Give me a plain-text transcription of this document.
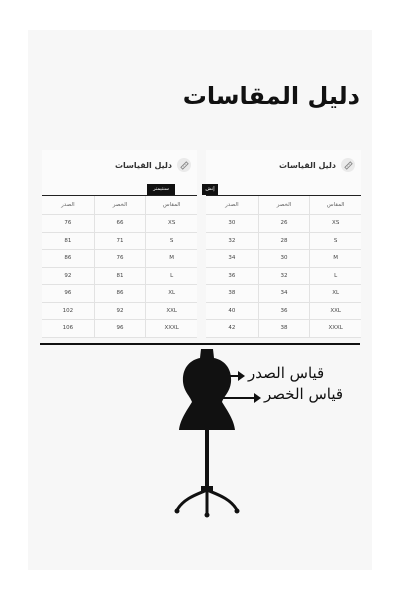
دليل المقاسات
دليل القياسات
سنتيمتر
المقاس
الخصر
الصدر
XS
66
76
S
71
81
M
76
86
L
81
92
XL
86
96
XXL
92
102
XXXL
96
106
دليل القياسات
إنش
المقاس
الخصر
الصدر
XS
26
30
S
28
32
M
30
34
L
32
36
XL
34
38
XXL
36
40
XXXL
38
42
قياس الصدر
قياس الخصر
